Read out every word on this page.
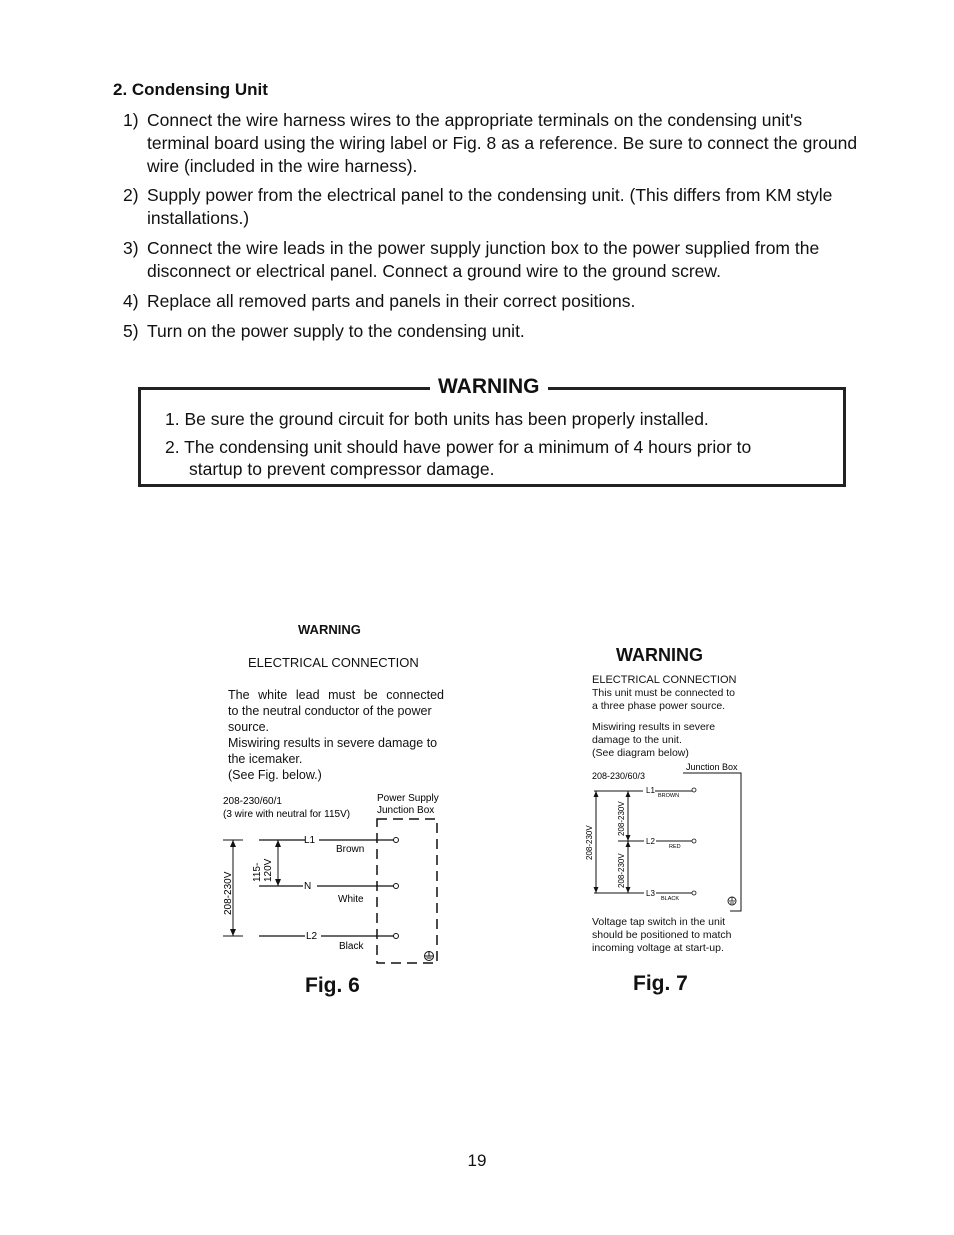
2. Condensing Unit
1) Connect the wire harness wires to the appropriate terminals on the condensing unit's terminal board using the wiring label or Fig. 8 as a reference. Be sure to connect the ground wire (included in the wire harness).
2) Supply power from the electrical panel to the condensing unit. (This differs from KM style installations.)
3) Connect the wire leads in the power supply junction box to the power supplied from the disconnect or electrical panel. Connect a ground wire to the ground screw.
4) Replace all removed parts and panels in their correct positions.
5) Turn on the power supply to the condensing unit.
WARNING
1. Be sure the ground circuit for both units has been properly installed.
2. The condensing unit should have power for a minimum of 4 hours prior to
startup to prevent compressor damage.
WARNING
ELECTRICAL CONNECTION
The white lead must be connected
to the neutral conductor of the power
source.
Miswiring results in severe damage to
the icemaker.
(See Fig. below.)
208-230/60/1
(3 wire with neutral for 115V)
Power Supply
Junction Box
L1
N
L2
Brown
White
Black
208-230V 115- 120V
Fig. 6
WARNING
ELECTRICAL CONNECTION
This unit must be connected to
a three phase power source.
Miswiring results in severe
damage to the unit.
(See diagram below)
208-230/60/3
Junction Box
L1
L2
L3
BROWN
RED
BLACK
208-230V
208-230V
208-230V
Voltage tap switch in the unit
should be positioned to match
incoming voltage at start-up.
Fig. 7
19
